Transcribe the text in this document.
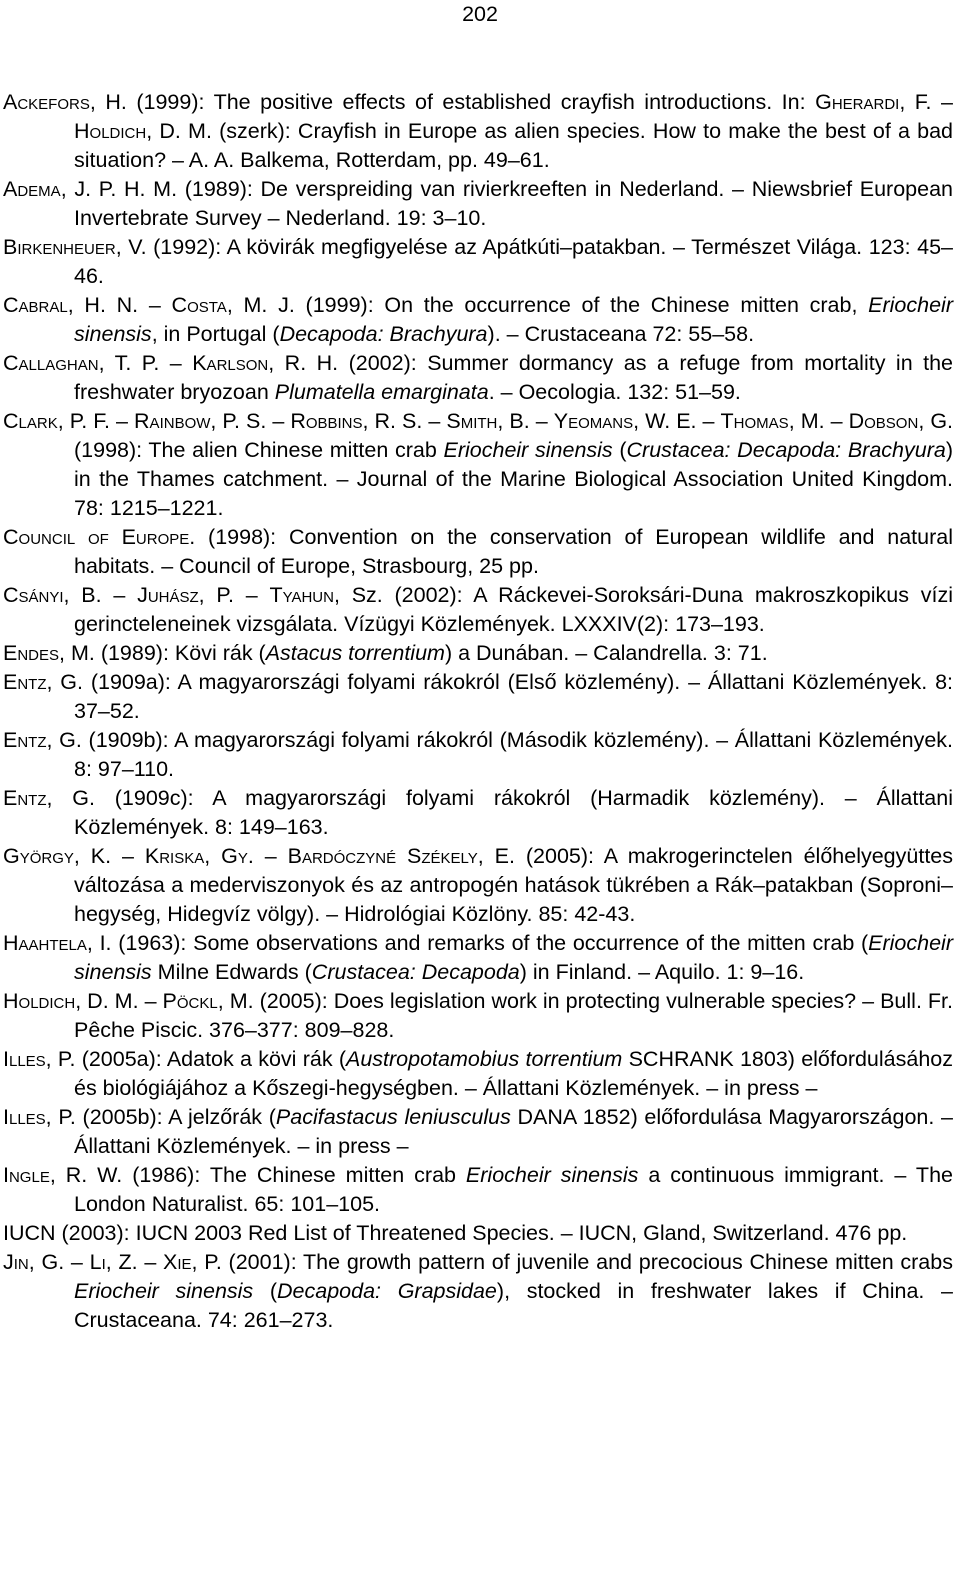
202
Ackefors, H. (1999): The positive effects of established crayfish introductions. In: Gherardi, F. – Holdich, D. M. (szerk): Crayfish in Europe as alien species. How to make the best of a bad situation? – A. A. Balkema, Rotterdam, pp. 49–61.
Adema, J. P. H. M. (1989): De verspreiding van rivierkreeften in Nederland. – Niewsbrief European Invertebrate Survey – Nederland. 19: 3–10.
Birkenheuer, V. (1992): A kövirák megfigyelése az Apátkúti–patakban. – Természet Világa. 123: 45–46.
Cabral, H. N. – Costa, M. J. (1999): On the occurrence of the Chinese mitten crab, Eriocheir sinensis, in Portugal (Decapoda: Brachyura). – Crustaceana 72: 55–58.
Callaghan, T. P. – Karlson, R. H. (2002): Summer dormancy as a refuge from mortality in the freshwater bryozoan Plumatella emarginata. – Oecologia. 132: 51–59.
Clark, P. F. – Rainbow, P. S. – Robbins, R. S. – Smith, B. – Yeomans, W. E. – Thomas, M. – Dobson, G. (1998): The alien Chinese mitten crab Eriocheir sinensis (Crustacea: Decapoda: Brachyura) in the Thames catchment. – Journal of the Marine Biological Association United Kingdom. 78: 1215–1221.
Council of Europe. (1998): Convention on the conservation of European wildlife and natural habitats. – Council of Europe, Strasbourg, 25 pp.
Csányi, B. – Juhász, P. – Tyahun, Sz. (2002): A Ráckevei-Soroksári-Duna makroszkopikus vízi gerincteleneinek vizsgálata. Vízügyi Közlemények. LXXXIV(2): 173–193.
Endes, M. (1989): Kövi rák (Astacus torrentium) a Dunában. – Calandrella. 3: 71.
Entz, G. (1909a): A magyarországi folyami rákokról (Első közlemény). – Állattani Közlemények. 8: 37–52.
Entz, G. (1909b): A magyarországi folyami rákokról (Második közlemény). – Állattani Közlemények. 8: 97–110.
Entz, G. (1909c): A magyarországi folyami rákokról (Harmadik közlemény). – Állattani Közlemények. 8: 149–163.
György, K. – Kriska, Gy. – Bardóczyné Székely, E. (2005): A makrogerinctelen élőhelyegyüttes változása a mederviszonyok és az antropogén hatások tükrében a Rák–patakban (Soproni–hegység, Hidegvíz völgy). – Hidrológiai Közlöny. 85: 42-43.
Haahtela, I. (1963): Some observations and remarks of the occurrence of the mitten crab (Eriocheir sinensis Milne Edwards (Crustacea: Decapoda) in Finland. – Aquilo. 1: 9–16.
Holdich, D. M. – Pöckl, M. (2005): Does legislation work in protecting vulnerable species? – Bull. Fr. Pêche Piscic. 376–377: 809–828.
Illes, P. (2005a): Adatok a kövi rák (Austropotamobius torrentium SCHRANK 1803) előfordulásához és biológiájához a Kőszegi-hegységben. – Állattani Közlemények. – in press –
Illes, P. (2005b): A jelzőrák (Pacifastacus leniusculus DANA 1852) előfordulása Magyarországon. – Állattani Közlemények. – in press –
Ingle, R. W. (1986): The Chinese mitten crab Eriocheir sinensis a continuous immigrant. – The London Naturalist. 65: 101–105.
IUCN (2003): IUCN 2003 Red List of Threatened Species. – IUCN, Gland, Switzerland. 476 pp.
Jin, G. – Li, Z. – Xie, P. (2001): The growth pattern of juvenile and precocious Chinese mitten crabs Eriocheir sinensis (Decapoda: Grapsidae), stocked in freshwater lakes if China. – Crustaceana. 74: 261–273.
